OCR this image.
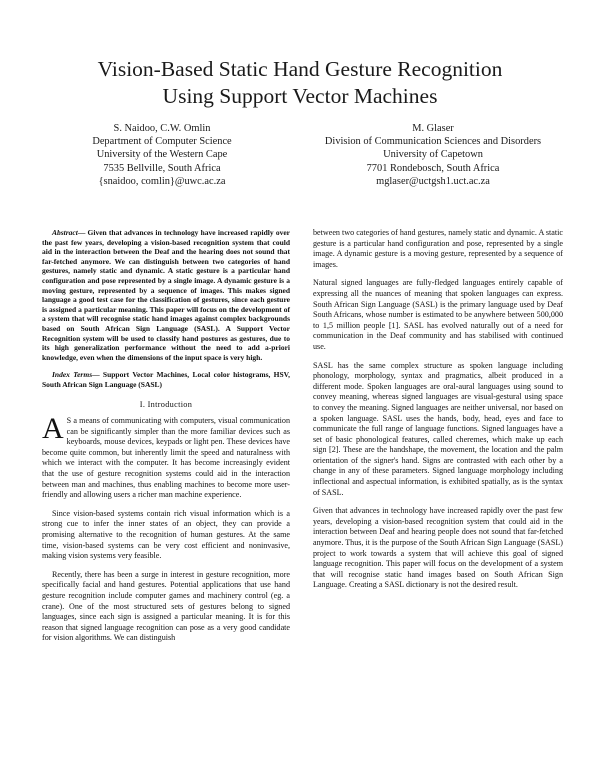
Vision-Based Static Hand Gesture Recognition
Using Support Vector Machines
S. Naidoo, C.W. Omlin
Department of Computer Science
University of the Western Cape
7535 Bellville, South Africa
{snaidoo, comlin}@uwc.ac.za
M. Glaser
Division of Communication Sciences and Disorders
University of Capetown
7701 Rondebosch, South Africa
mglaser@uctgsh1.uct.ac.za

Abstract— Given that advances in technology have increased rapidly over the past few years, developing a vision-based recognition system that could aid in the interaction between the Deaf and the hearing does not sound that far-fetched anymore. We can distinguish between two categories of hand gestures, namely static and dynamic. A static gesture is a particular hand configuration and pose represented by a single image. A dynamic gesture is a moving gesture, represented by a sequence of images. This makes signed language a good test case for the classification of gestures, since each gesture is assigned a particular meaning. This paper will focus on the development of a system that will recognise static hand images against complex backgrounds based on South African Sign Language (SASL). A Support Vector Recognition system will be used to classify hand postures as gestures, due to its high generalization performance without the need to add a-priori knowledge, even when the dimensions of the input space is very high.

Index Terms— Support Vector Machines, Local color histograms, HSV, South African Sign Language (SASL)

I. Introduction

A S a means of communicating with computers, visual communication can be significantly simpler than the more familiar devices such as keyboards, mouse devices, keypads or light pen. These devices have become quite common, but inherently limit the speed and naturalness with which we interact with the computer. It has become increasingly evident that the use of gesture recognition systems could aid in the interaction between man and machines, thus enabling machines to become more user-friendly and allowing users a richer man machine experience.

Since vision-based systems contain rich visual information which is a strong cue to infer the inner states of an object, they can provide a promising alternative to the recognition of human gestures. At the same time, vision-based systems can be very cost efficient and noninvasive, making vision systems very feasible.

Recently, there has been a surge in interest in gesture recognition, more specifically facial and hand gestures. Potential applications that use hand gesture recognition include computer games and machinery control (eg. a crane). One of the most structured sets of gestures belong to signed languages, since each sign is assigned a particular meaning. It is for this reason that signed language recognition can pose as a very good candidate for vision algorithms. We can distinguish

between two categories of hand gestures, namely static and dynamic. A static gesture is a particular hand configuration and pose, represented by a single image. A dynamic gesture is a moving gesture, represented by a sequence of images.

Natural signed languages are fully-fledged languages entirely capable of expressing all the nuances of meaning that spoken languages can express. South African Sign Language (SASL) is the primary language used by Deaf South Africans, whose number is estimated to be anywhere between 500,000 to 1,5 million people [1]. SASL has evolved naturally out of a need for communication in the Deaf community and has stabilised with continued use.

SASL has the same complex structure as spoken language including phonology, morphology, syntax and pragmatics, albeit produced in a different mode. Spoken languages are oral-aural languages using sound to convey meaning, whereas signed languages are visual-gestural using space to convey the meaning. Signed languages are neither universal, nor based on a spoken language. SASL uses the hands, body, head, eyes and face to communicate the full range of language functions. Signed languages have a set of basic phonological features, called cheremes, which make up each sign [2]. These are the handshape, the movement, the location and the palm orientation of the signer's hand. Signs are contrasted with each other by a change in any of these parameters. Signed language morphology including inflectional and aspectual information, is exhibited spatially, as is the syntax of SASL.

Given that advances in technology have increased rapidly over the past few years, developing a vision-based recognition system that could aid in the interaction between Deaf and hearing people does not sound that far-fetched anymore. Thus, it is the purpose of the South African Sign Language (SASL) project to work towards a system that will achieve this goal of signed language recognition. This paper will focus on the development of a system that will recognise static hand images based on South African Sign Language. Creating a SASL dictionary is not the desired result.
